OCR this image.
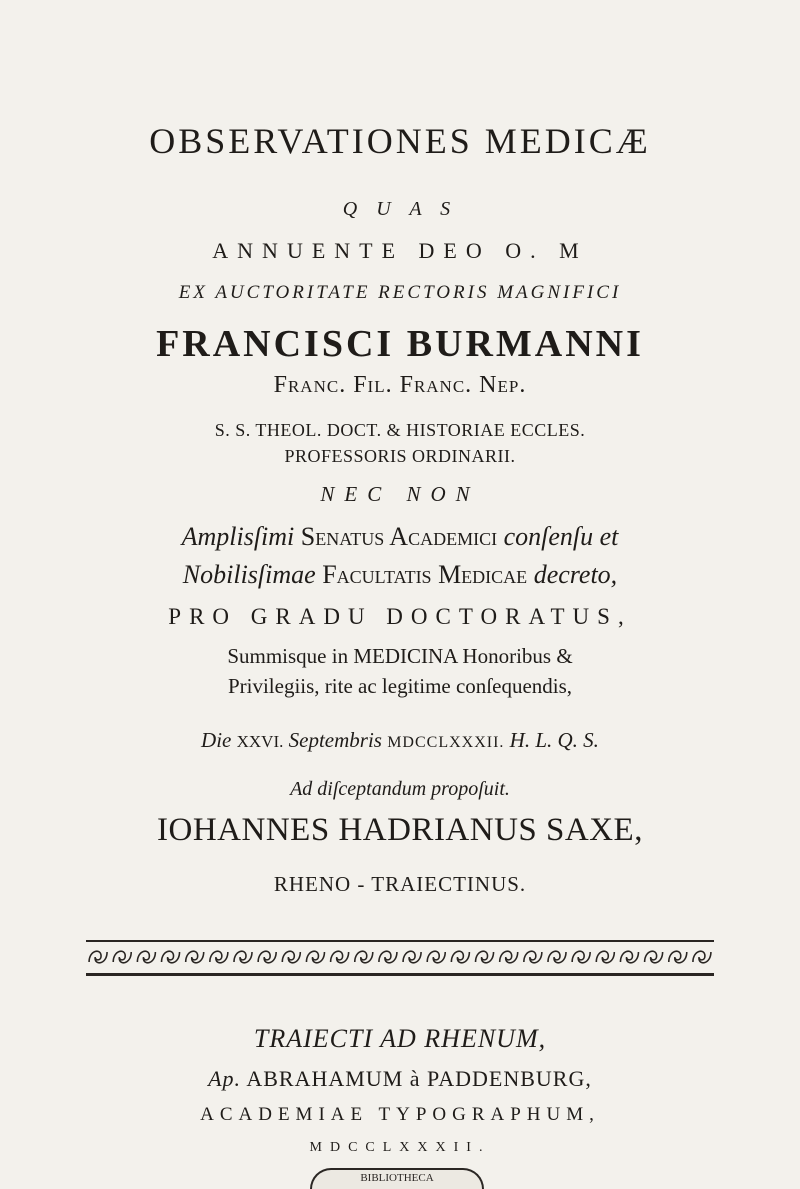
OBSERVATIONES MEDICÆ
Q U A S
ANNUENTE DEO O. M
EX AUCTORITATE RECTORIS MAGNIFICI
FRANCISCI BURMANNI
Franc. Fil. Franc. Nep.
S. S. THEOL. DOCT. & HISTORIAE ECCLES.
PROFESSORIS ORDINARII.
NEC NON
Amplisſimi Senatus Academici conſenſu et
Nobilisſimae Facultatis Medicae decreto,
PRO GRADU DOCTORATUS,
Summisque in MEDICINA Honoribus &
Privilegiis, rite ac legitime conſequendis,
Die XXVI. Septembris MDCCLXXXII. H. L. Q. S.
Ad diſceptandum propoſuit.
IOHANNES HADRIANUS SAXE,
RHENO - TRAIECTINUS.
TRAIECTI AD RHENUM,
Ap. ABRAHAMUM à PADDENBURG,
ACADEMIAE TYPOGRAPHUM,
MDCCLXXXII.
BIBLIOTHECA
